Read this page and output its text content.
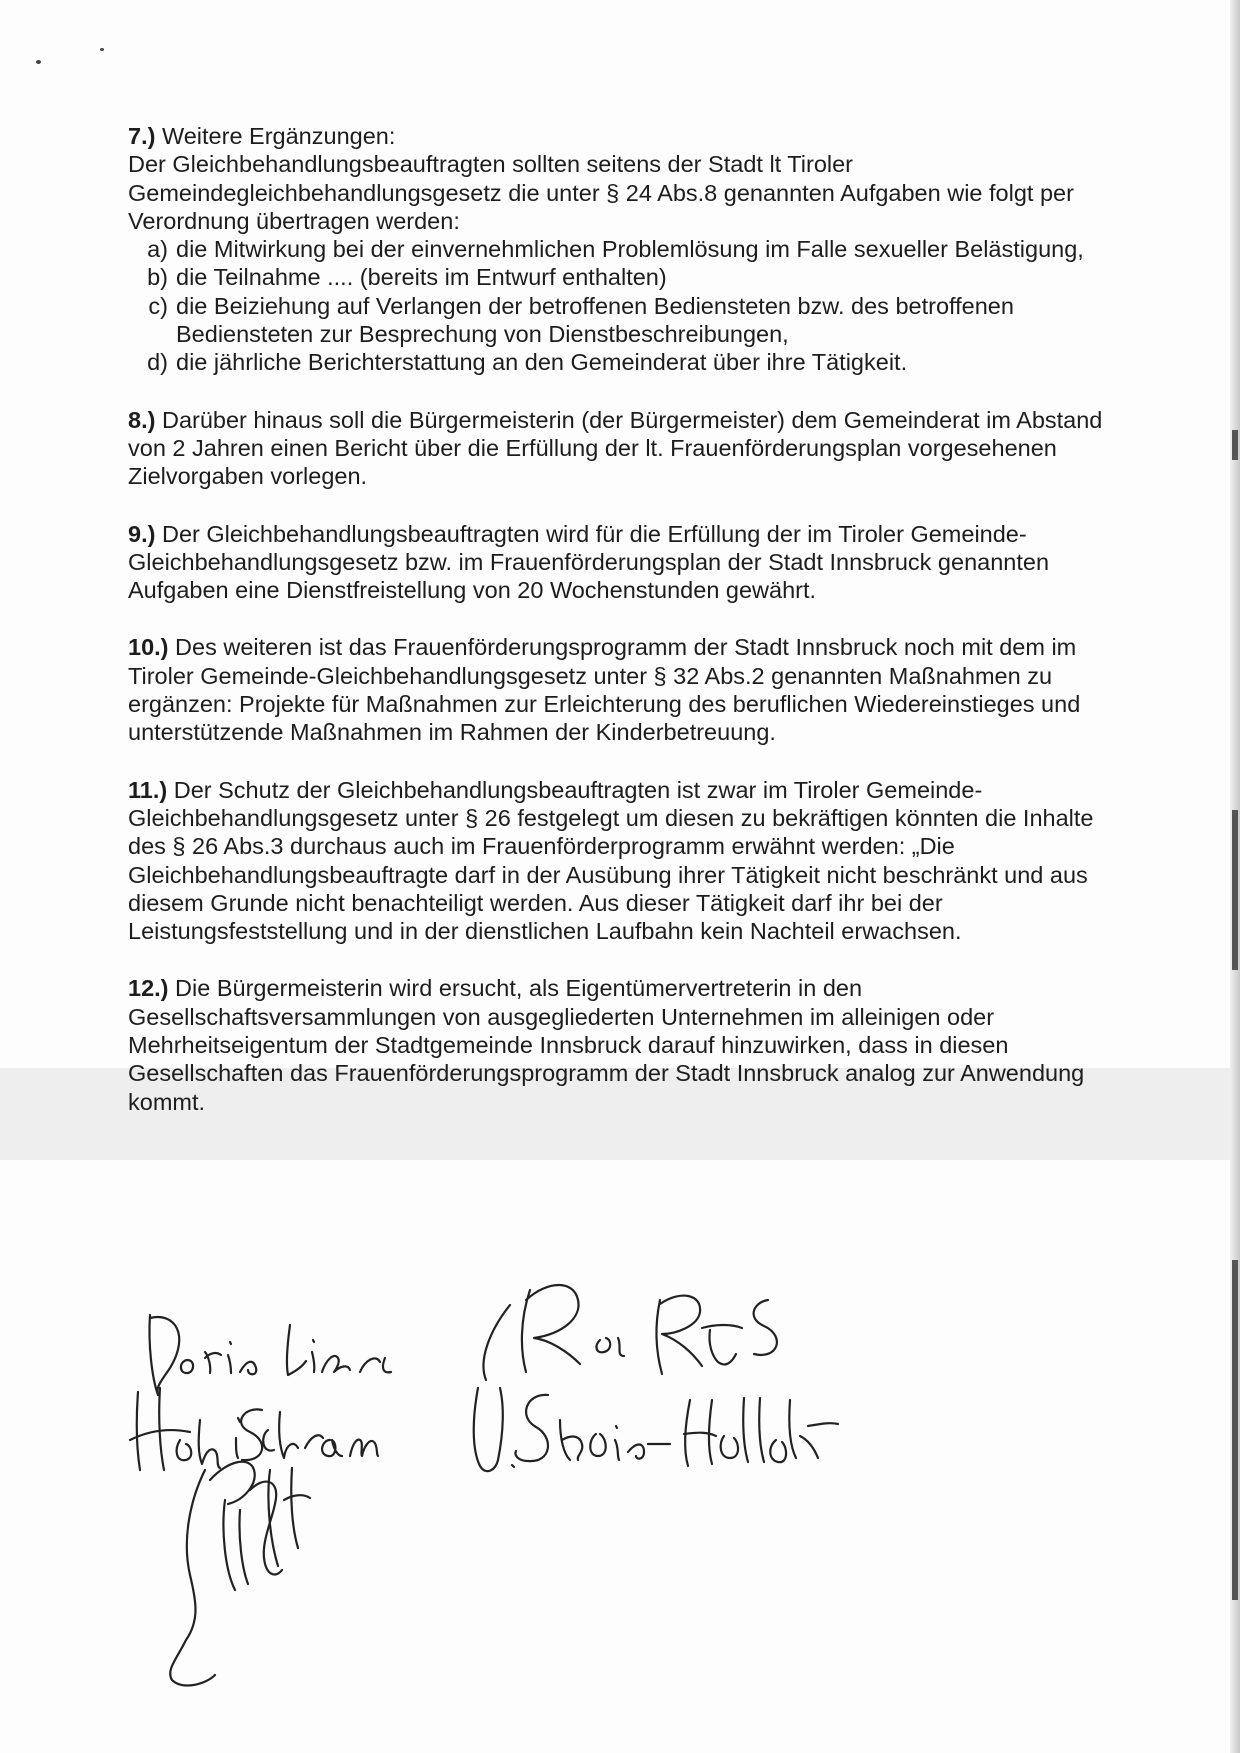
7.) Weitere Ergänzungen:
Der Gleichbehandlungsbeauftragten sollten seitens der Stadt lt Tiroler Gemeindegleichbehandlungsgesetz die unter § 24 Abs.8 genannten Aufgaben wie folgt per Verordnung übertragen werden:
a) die Mitwirkung bei der einvernehmlichen Problemlösung im Falle sexueller Belästigung,
b) die Teilnahme .... (bereits im Entwurf enthalten)
c) die Beiziehung auf Verlangen der betroffenen Bediensteten bzw. des betroffenen Bediensteten zur Besprechung von Dienstbeschreibungen,
d) die jährliche Berichterstattung an den Gemeinderat über ihre Tätigkeit.
8.) Darüber hinaus soll die Bürgermeisterin (der Bürgermeister) dem Gemeinderat im Abstand von 2 Jahren einen Bericht über die Erfüllung der lt. Frauenförderungsplan vorgesehenen Zielvorgaben vorlegen.
9.) Der Gleichbehandlungsbeauftragten wird für die Erfüllung der im Tiroler Gemeinde-Gleichbehandlungsgesetz bzw. im Frauenförderungsplan der Stadt Innsbruck genannten Aufgaben eine Dienstfreistellung von 20 Wochenstunden gewährt.
10.) Des weiteren ist das Frauenförderungsprogramm der Stadt Innsbruck noch mit dem im Tiroler Gemeinde-Gleichbehandlungsgesetz unter § 32 Abs.2 genannten Maßnahmen zu ergänzen: Projekte für Maßnahmen zur Erleichterung des beruflichen Wiedereinstieges und unterstützende Maßnahmen im Rahmen der Kinderbetreuung.
11.) Der Schutz der Gleichbehandlungsbeauftragten ist zwar im Tiroler Gemeinde-Gleichbehandlungsgesetz unter § 26 festgelegt um diesen zu bekräftigen könnten die Inhalte des § 26 Abs.3 durchaus auch im Frauenförderprogramm erwähnt werden: „Die Gleichbehandlungsbeauftragte darf in der Ausübung ihrer Tätigkeit nicht beschränkt und aus diesem Grunde nicht benachteiligt werden. Aus dieser Tätigkeit darf ihr bei der Leistungsfeststellung und in der dienstlichen Laufbahn kein Nachteil erwachsen.
12.) Die Bürgermeisterin wird ersucht, als Eigentümervertreterin in den Gesellschaftsversammlungen von ausgegliederten Unternehmen im alleinigen oder Mehrheitseigentum der Stadtgemeinde Innsbruck darauf hinzuwirken, dass in diesen Gesellschaften das Frauenförderungsprogramm der Stadt Innsbruck analog zur Anwendung kommt.
